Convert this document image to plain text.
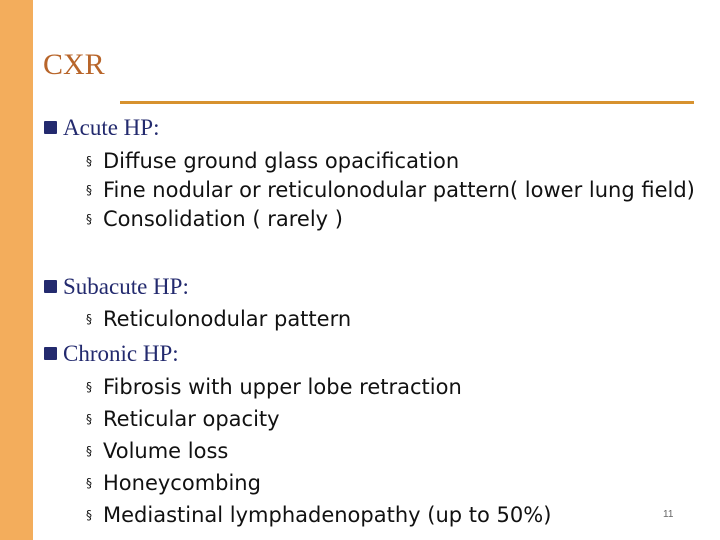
CXR
Acute HP:
§ Diffuse ground glass opacification
§ Fine nodular or reticulonodular pattern( lower lung field)
§ Consolidation ( rarely )
Subacute HP:
§ Reticulonodular pattern
Chronic HP:
§ Fibrosis with upper lobe retraction
§ Reticular opacity
§ Volume loss
§ Honeycombing
§ Mediastinal lymphadenopathy (up to 50%)	11
